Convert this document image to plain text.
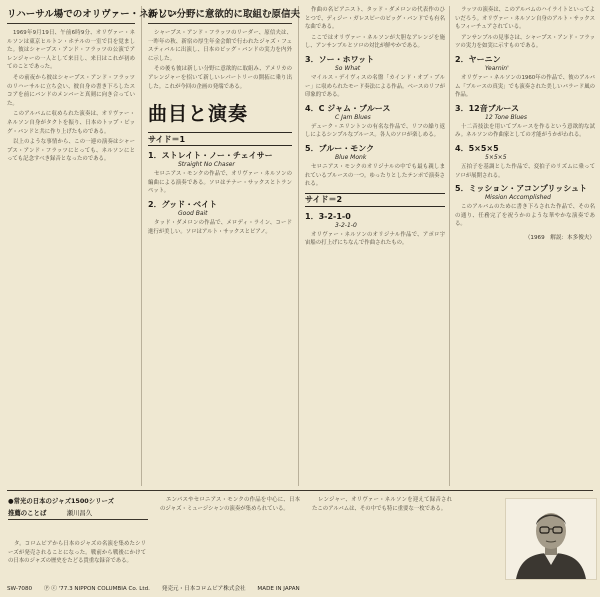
リハーサル場でのオリヴァー・ネルソン

1969年9月19日、午前6時9分、オリヴァー・ネルソンは東京ヒルトン・ホテルの一室で目を覚ました。彼はシャープス・アンド・フラッツの公演でアレンジャーの一人として来日し、来日はこれが初めてのことであった。

その前夜から彼はシャープス・アンド・フラッツのリハーサルに立ち会い、彼自身の書き下ろしたスコアを前にバンドのメンバーと真剣に向き合っていた。

このアルバムに収められた演奏は、オリヴァー・ネルソン自身がタクトを振り、日本のトップ・ビッグ・バンドと共に作り上げたものである。

以上のような事情から、この一連の演奏はシャープス・アンド・フラッツにとっても、ネルソンにとっても記念すべき録音となったのである。

新しい分野に意欲的に取組む原信夫

シャープス・アンド・フラッツのリーダー、原信夫は、一昨年の秋、新宿の厚生年金会館で行われたジャズ・フェスティバルに出演し、日本のビッグ・バンドの実力を内外に示した。

その後も彼は新しい分野に意欲的に取組み、アメリカのアレンジャーを招いて新しいレパートリーの開拓に乗り出した。これが今回の企画の発端である。

曲目と演奏
サイド＝1
1．ストレイト・ノー・チェイサー
Straight No Chaser

セロニアス・モンクの作品で、オリヴァー・ネルソンの編曲による演奏である。ソロはテナー・サックスとトランペット。

2．グッド・ベイト
Good Bait

タッド・ダメロンの作品で、メロディ・ライン、コード進行が美しい。ソロはアルト・サックスとピアノ。

作曲の名ピアニスト、タッド・ダメロンの代表作のひとつで、ディジー・ガレスピーのビッグ・バンドでも有名な曲である。

ここではオリヴァー・ネルソンが大胆なアレンジを施し、アンサンブルとソロの対比が鮮やかである。

3．ソー・ホワット
So What

マイルス・デイヴィスの名盤「カインド・オブ・ブルー」に収められたモード奏法による作品。ベースのリフが印象的である。

4．C ジャム・ブルース
C Jam Blues

デューク・エリントンの有名な作品で、リフの繰り返しによるシンプルなブルース。各人のソロが楽しめる。

5．ブルー・モンク
Blue Monk

セロニアス・モンクのオリジナルの中でも最も親しまれているブルースの一つ。ゆったりとしたテンポで演奏される。

サイド＝2
1．3-2-1-0
3-2-1-0

オリヴァー・ネルソンのオリジナル作品で、アポロ宇宙船の打上げにちなんで作曲されたもの。

ラッツの演奏は、このアルバムのハイライトといってよいだろう。オリヴァー・ネルソン自身のアルト・サックスもフィーチュアされている。

アンサンブルの見事さは、シャープス・アンド・フラッツの実力を如実に示すものである。

2．ヤーニン
Yearnin'

オリヴァー・ネルソンの1960年の作品で、彼のアルバム「ブルースの真実」でも演奏された美しいバラード風の作品。

3．12音ブルース
12 Tone Blues

十二音技法を用いてブルースを作るという意欲的な試み。ネルソンの作曲家としての才能がうかがわれる。

4．5×5×5
5×5×5

五拍子を基調とした作品で、変拍子のリズムに乗ってソロが展開される。

5．ミッション・アコンプリッシュト
Mission Accomplished

このアルバムのために書き下ろされた作品で、その名の通り、任務完了を祝うかのような華やかな演奏である。

（1969　解説：本多俊夫）
●常光の日本のジャズ1500シリーズ
推薦のことば	瀬川昌久

タ。コロムビアから日本のジャズの名演を集めたシリーズが発売されることになった。戦前から戦後にかけての日本のジャズの歴史をたどる貴重な録音である。

エンパスやセロニアス・モンクの作品を中心に、日本のジャズ・ミュージシャンの演奏が集められている。

レンジャー、オリヴァー・ネルソンを迎えて録音されたこのアルバムは、その中でも特に重要な一枚である。

SW-7080 Ⓟ ⓒ '77.3 NIPPON COLUMBIA Co. Ltd. 発売元・日本コロムビア株式会社 MADE IN JAPAN
